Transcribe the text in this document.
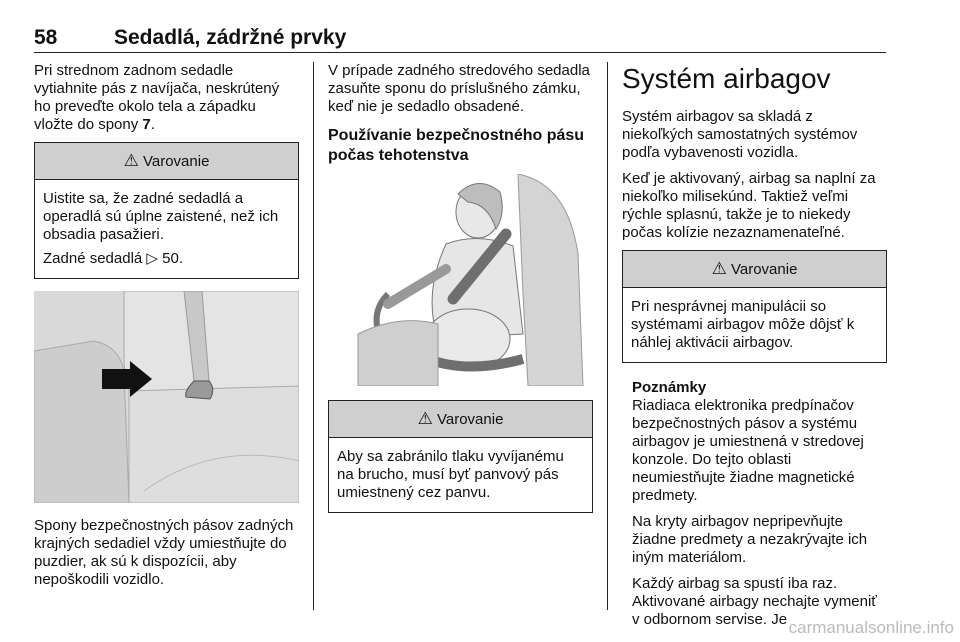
58	Sedadlá, zádržné prvky

Pri strednom zadnom sedadle vytiahnite pás z navíjača, neskrútený ho preveďte okolo tela a západku vložte do spony 7.

⚠ Varovanie

Uistite sa, že zadné sedadlá a operadlá sú úplne zaistené, než ich obsadia pasažieri.

Zadné sedadlá ▷ 50.

Spony bezpečnostných pásov zadných krajných sedadiel vždy umiestňujte do puzdier, ak sú k dispozícii, aby nepoškodili vozidlo.

V prípade zadného stredového sedadla zasuňte sponu do príslušného zámku, keď nie je sedadlo obsadené.

Používanie bezpečnostného pásu počas tehotenstva
⚠ Varovanie

Aby sa zabránilo tlaku vyvíjanému na brucho, musí byť panvový pás umiestnený cez panvu.

Systém airbagov

Systém airbagov sa skladá z niekoľkých samostatných systémov podľa vybavenosti vozidla.

Keď je aktivovaný, airbag sa naplní za niekoľko milisekúnd. Taktiež veľmi rýchle splasnú, takže je to niekedy počas kolízie nezaznamenateľné.

⚠ Varovanie

Pri nesprávnej manipulácii so systémami airbagov môže dôjsť k náhlej aktivácii airbagov.

Poznámky

Riadiaca elektronika predpínačov bezpečnostných pásov a systému airbagov je umiestnená v stredovej konzole. Do tejto oblasti neumiestňujte žiadne magnetické predmety.

Na kryty airbagov nepripevňujte žiadne predmety a nezakrývajte ich iným materiálom.

Každý airbag sa spustí iba raz. Aktivované airbagy nechajte vymeniť v odbornom servise. Je carmanualsonline.info
